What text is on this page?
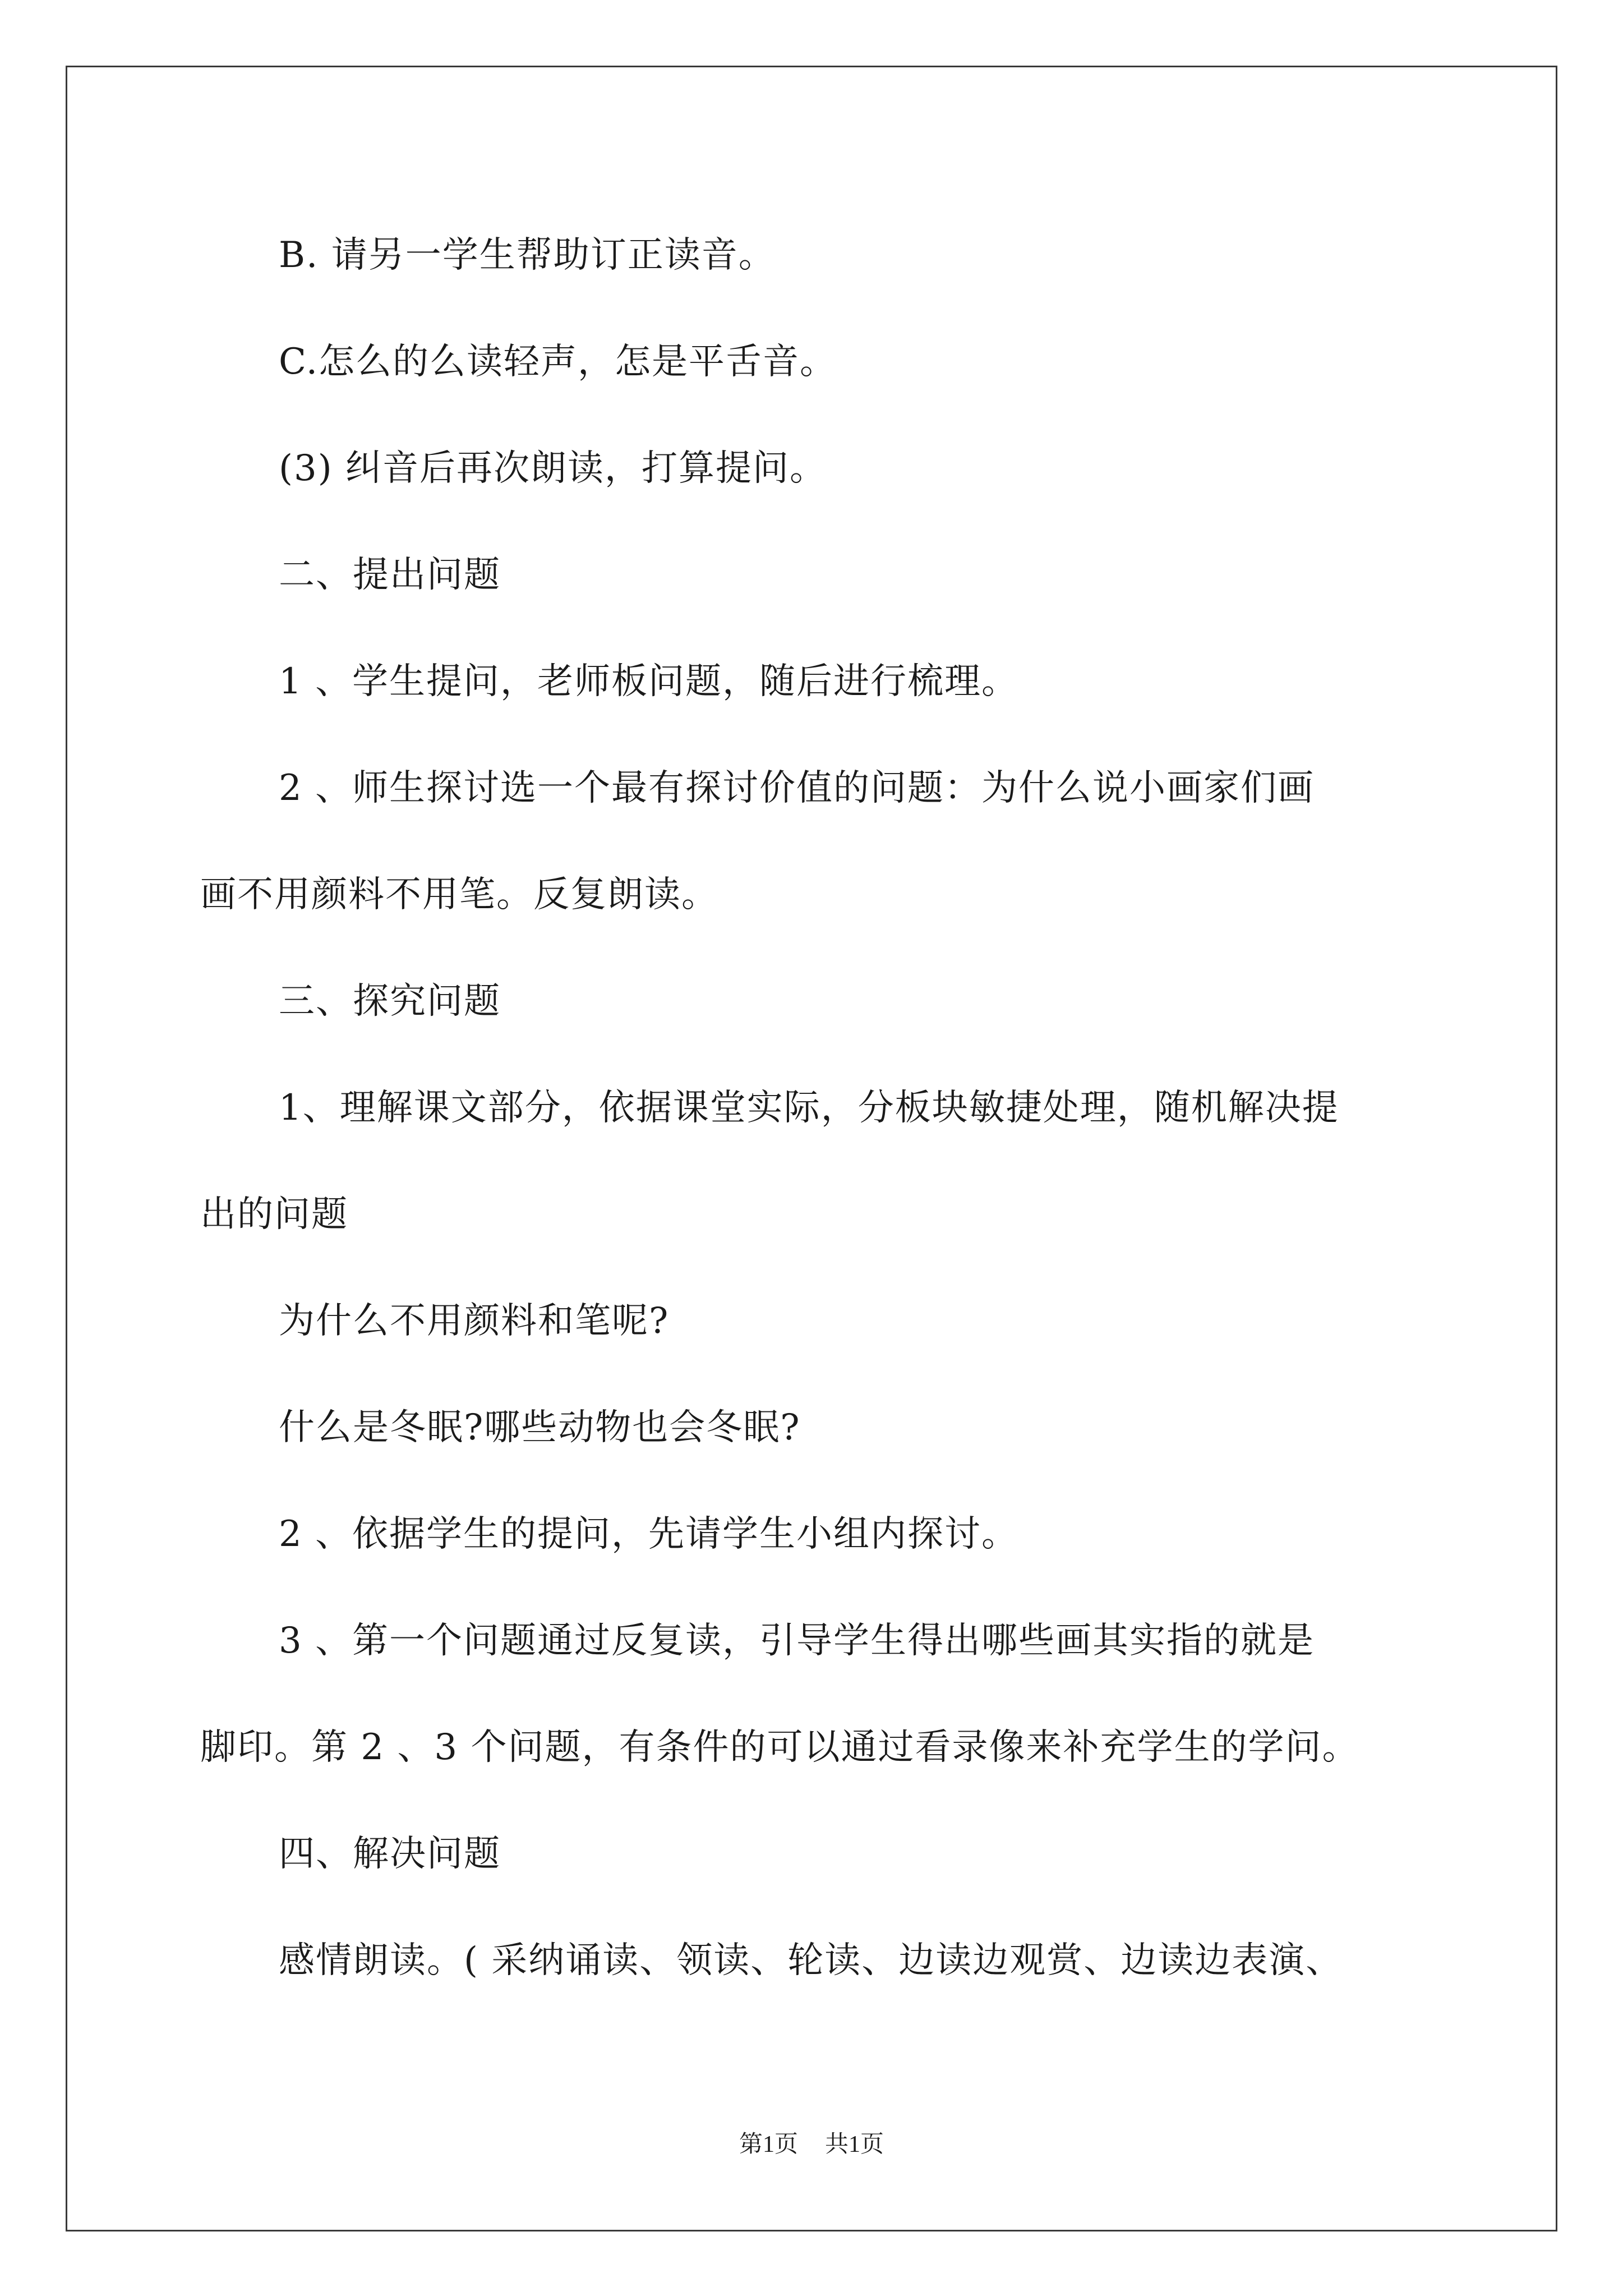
B. 请另一学生帮助订正读音。
C.怎么的么读轻声，怎是平舌音。
(3) 纠音后再次朗读，打算提问。
二、提出问题
1 、学生提问，老师板问题，随后进行梳理。
2 、师生探讨选一个最有探讨价值的问题：为什么说小画家们画
画不用颜料不用笔。反复朗读。
三、探究问题
1、理解课文部分，依据课堂实际，分板块敏捷处理，随机解决提
出的问题
为什么不用颜料和笔呢?
什么是冬眠?哪些动物也会冬眠?
2 、依据学生的提问，先请学生小组内探讨。
3 、第一个问题通过反复读，引导学生得出哪些画其实指的就是
脚印。第 2 、3 个问题，有条件的可以通过看录像来补充学生的学问。
四、解决问题
感情朗读。( 采纳诵读、领读、轮读、边读边观赏、边读边表演、
第1页 共1页
